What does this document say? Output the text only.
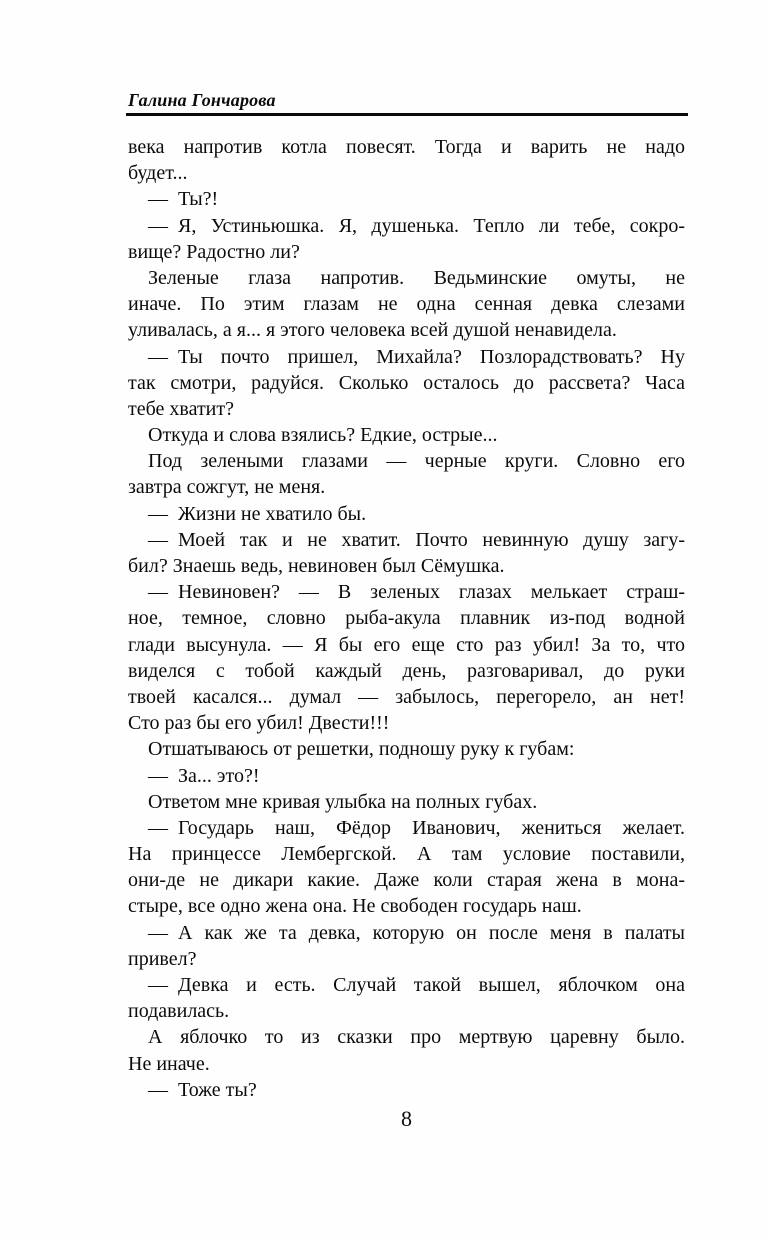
Галина Гончарова
века напротив котла повесят. Тогда и варить не надо
будет...
— Ты?!
— Я, Устиньюшка. Я, душенька. Тепло ли тебе, сокро-
вище? Радостно ли?
Зеленые глаза напротив. Ведьминские омуты, не
иначе. По этим глазам не одна сенная девка слезами
уливалась, а я... я этого человека всей душой ненавидела.
— Ты почто пришел, Михайла? Позлорадствовать? Ну
так смотри, радуйся. Сколько осталось до рассвета? Часа
тебе хватит?
Откуда и слова взялись? Едкие, острые...
Под зелеными глазами — черные круги. Словно его
завтра сожгут, не меня.
— Жизни не хватило бы.
— Моей так и не хватит. Почто невинную душу загу-
бил? Знаешь ведь, невиновен был Сёмушка.
— Невиновен? — В зеленых глазах мелькает страш-
ное, темное, словно рыба-акула плавник из-под водной
глади высунула. — Я бы его еще сто раз убил! За то, что
виделся с тобой каждый день, разговаривал, до руки
твоей касался... думал — забылось, перегорело, ан нет!
Сто раз бы его убил! Двести!!!
Отшатываюсь от решетки, подношу руку к губам:
— За... это?!
Ответом мне кривая улыбка на полных губах.
— Государь наш, Фёдор Иванович, жениться желает.
На принцессе Лембергской. А там условие поставили,
они-де не дикари какие. Даже коли старая жена в мона-
стыре, все одно жена она. Не свободен государь наш.
— А как же та девка, которую он после меня в палаты
привел?
— Девка и есть. Случай такой вышел, яблочком она
подавилась.
А яблочко то из сказки про мертвую царевну было.
Не иначе.
— Тоже ты?
8
